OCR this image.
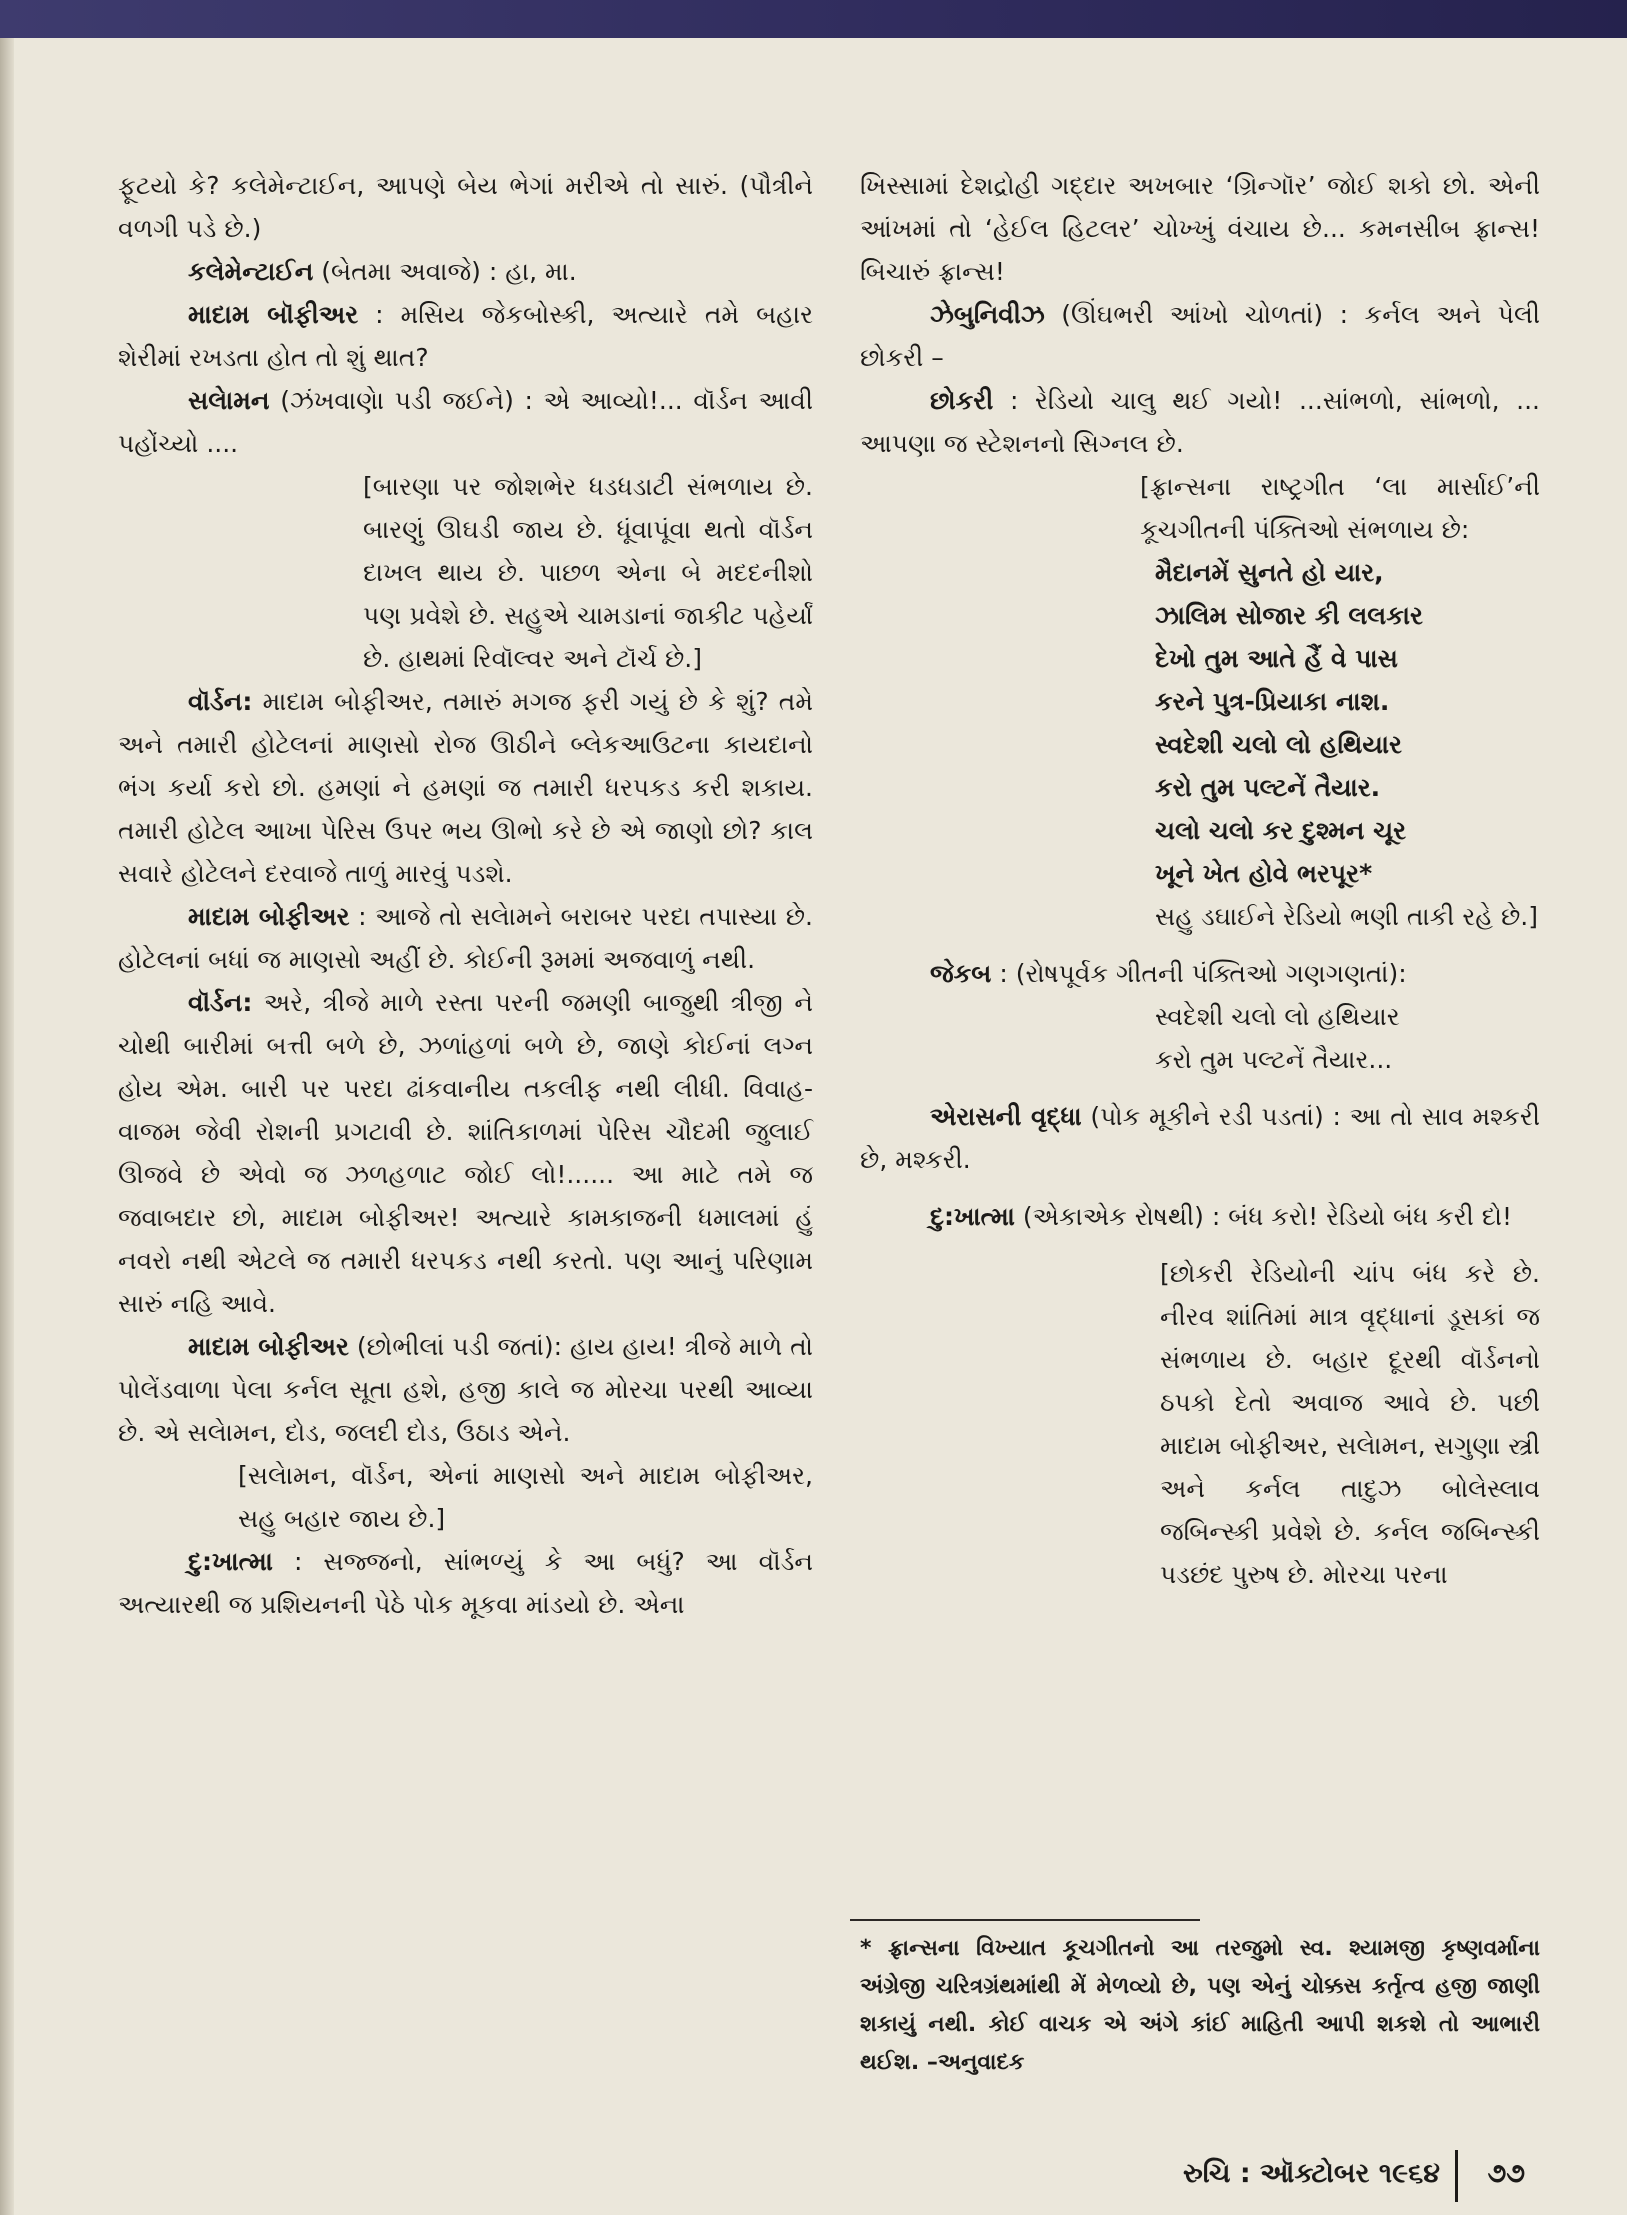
ફૂટયો કે? કલેમેન્ટાઈન, આપણે બેય ભેગાં મરીએ તો સારું. (પૌત્રીને વળગી પડે છે.)

કલેમેન્ટાઈન (બેતમા અવાજે) : હા, મા.

માદામ બૉફીઅર : મસિય જેકબોસ્કી, અત્યારે તમે બહાર શેરીમાં રખડતા હોત તો શું થાત?

સલેામન (ઝંખવાણેા પડી જઈને) : એ આવ્યો!... વૉર્ડન આવી પહોંચ્યો ....

[બારણા પર જોશભેર ધડધડાટી સંભળાય છે. બારણું ઊઘડી જાય છે. ધૂંવાપૂંવા થતો વૉર્ડન દાખલ થાય છે. પાછળ એના બે મદદનીશો પણ પ્રવેશે છે. સહુએ ચામડાનાં જાકીટ પહેર્યાં છે. હાથમાં રિવૉલ્વર અને ટૉર્ચ છે.]

વૉર્ડન: માદામ બોફીઅર, તમારું મગજ ફરી ગયું છે કે શું? તમે અને તમારી હોટેલનાં માણસો રોજ ઊઠીને બ્લેકઆઉટના કાયદાનો ભંગ કર્યા કરો છો. હમણાં ને હમણાં જ તમારી ધરપકડ કરી શકાય. તમારી હોટેલ આખા પેરિસ ઉપર ભય ઊભો કરે છે એ જાણો છો? કાલ સવારે હોટેલને દરવાજે તાળું મારવું પડશે.

માદામ બોફીઅર : આજે તો સલેામને બરાબર પરદા તપાસ્યા છે. હોટેલનાં બધાં જ માણસો અહીં છે. કોઈની રૂમમાં અજવાળું નથી.

વૉર્ડન: અરે, ત્રીજે માળે રસ્તા પરની જમણી બાજુથી ત્રીજી ને ચોથી બારીમાં બત્તી બળે છે, ઝળાંહળાં બળે છે, જાણે કોઈનાં લગ્ન હોય એમ. બારી પર પરદા ઢાંકવાનીય તકલીફ નથી લીધી. વિવાહ-વાજમ જેવી રોશની પ્રગટાવી છે. શાંતિકાળમાં પેરિસ ચૌદમી જુલાઈ ઊજવે છે એવો જ ઝળહળાટ જોઈ લો!...... આ માટે તમે જ જવાબદાર છો, માદામ બોફીઅર! અત્યારે કામકાજની ધમાલમાં હું નવરો નથી એટલે જ તમારી ધરપકડ નથી કરતો. પણ આનું પરિણામ સારું નહિ આવે.

માદામ બોફીઅર (છોભીલાં પડી જતાં): હાય હાય! ત્રીજે માળે તો પોલેંડવાળા પેલા કર્નલ સૂતા હશે, હજી કાલે જ મોરચા પરથી આવ્યા છે. એ સલેામન, દોડ, જલદી દોડ, ઉઠાડ એને.

[સલેામન, વૉર્ડન, એનાં માણસો અને માદામ બોફીઅર, સહુ બહાર જાય છે.]

દુ:ખાત્મા : સજ્જનો, સાંભળ્યું કે આ બધું? આ વૉર્ડન અત્યારથી જ પ્રશિયનની પેઠે પોક મૂકવા માંડયો છે. એના

ખિસ્સામાં દેશદ્રોહી ગદ્દાર અખબાર ‘ગ્રિન્ગૉર’ જોઈ શકો છો. એની આંખમાં તો ‘હેઈલ હિટલર’ ચોખ્ખું વંચાય છે... કમનસીબ ફ્રાન્સ! બિચારું ફ્રાન્સ!

ઝેબુનિવીઝ (ઊંઘભરી આંખો ચોળતાં) : કર્નલ અને પેલી છોકરી –

છોકરી : રેડિયો ચાલુ થઈ ગયો! ...સાંભળો, સાંભળો, ... આપણા જ સ્ટેશનનો સિગ્નલ છે.

[ફ્રાન્સના રાષ્ટ્રગીત ‘લા માર્સાઈ’ની કૂચગીતની પંક્તિઓ સંભળાય છે:

મૈદાનમેં સુનતે હો યાર,
ઝાલિમ સોજાર કી લલકાર
દેખો તુમ આતે હૈં વે પાસ
કરને પુત્ર-પ્રિયાકા નાશ.
સ્વદેશી ચલો લો હથિયાર
કરો તુમ પલ્ટનેં તૈયાર.
ચલો ચલો કર દુશ્મન ચૂર
ખૂને ખેત હોવે ભરપૂર*
સહુ ડઘાઈને રેડિયો ભણી તાકી રહે છે.]

જેકબ : (રોષપૂર્વક ગીતની પંક્તિઓ ગણગણતાં):

સ્વદેશી ચલો લો હથિયાર
કરો તુમ પલ્ટનેં તૈયાર...

એરાસની વૃદ્ધા (પોક મૂકીને રડી પડતાં) : આ તો સાવ મશ્કરી છે, મશ્કરી.

દુ:ખાત્મા (એકાએક રોષથી) : બંધ કરો! રેડિયો બંધ કરી દો!

[છોકરી રેડિયોની ચાંપ બંધ કરે છે. નીરવ શાંતિમાં માત્ર વૃદ્ધાનાં ડૂસકાં જ સંભળાય છે. બહાર દૂરથી વૉર્ડનનો ઠપકો દેતો અવાજ આવે છે. પછી માદામ બોફીઅર, સલેામન, સગુણા સ્ત્રી અને કર્નલ તાદુઝ બોલેસ્લાવ જબિન્સ્કી પ્રવેશે છે. કર્નલ જબિન્સ્કી પડછંદ પુરુષ છે. મોરચા પરના

* ફ્રાન્સના વિખ્યાત કૂચગીતનો આ તરજુમો સ્વ. શ્યામજી કૃષ્ણવર્માના અંગ્રેજી ચરિત્રગ્રંથમાંથી મેં મેળવ્યો છે, પણ એનું ચોક્કસ કર્તૃત્વ હજી જાણી શકાયું નથી. કોઈ વાચક એ અંગે કાંઈ માહિતી આપી શકશે તો આભારી થઈશ. –અનુવાદક
રુચિ : ઑક્ટોબર ૧૯૬૪ ૭૭
